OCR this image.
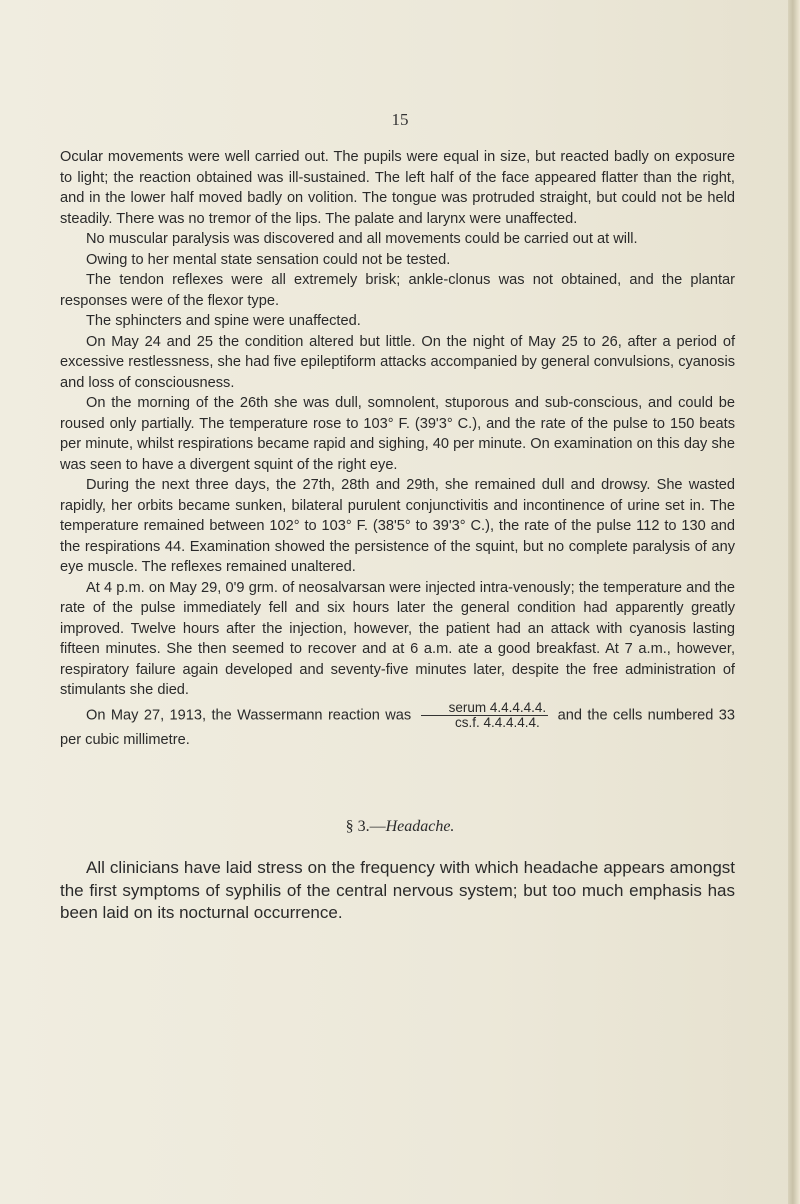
15

Ocular movements were well carried out. The pupils were equal in size, but reacted badly on exposure to light; the reaction obtained was ill-sustained. The left half of the face appeared flatter than the right, and in the lower half moved badly on volition. The tongue was protruded straight, but could not be held steadily. There was no tremor of the lips. The palate and larynx were unaffected.

No muscular paralysis was discovered and all movements could be carried out at will.

Owing to her mental state sensation could not be tested.

The tendon reflexes were all extremely brisk; ankle-clonus was not obtained, and the plantar responses were of the flexor type.

The sphincters and spine were unaffected.

On May 24 and 25 the condition altered but little. On the night of May 25 to 26, after a period of excessive restlessness, she had five epileptiform attacks accompanied by general convulsions, cyanosis and loss of consciousness.

On the morning of the 26th she was dull, somnolent, stuporous and sub-conscious, and could be roused only partially. The temperature rose to 103° F. (39'3° C.), and the rate of the pulse to 150 beats per minute, whilst respirations became rapid and sighing, 40 per minute. On examination on this day she was seen to have a divergent squint of the right eye.

During the next three days, the 27th, 28th and 29th, she remained dull and drowsy. She wasted rapidly, her orbits became sunken, bilateral purulent conjunctivitis and incontinence of urine set in. The temperature remained between 102° to 103° F. (38'5° to 39'3° C.), the rate of the pulse 112 to 130 and the respirations 44. Examination showed the persistence of the squint, but no complete paralysis of any eye muscle. The reflexes remained unaltered.

At 4 p.m. on May 29, 0'9 grm. of neosalvarsan were injected intra-venously; the temperature and the rate of the pulse immediately fell and six hours later the general condition had apparently greatly improved. Twelve hours after the injection, however, the patient had an attack with cyanosis lasting fifteen minutes. She then seemed to recover and at 6 a.m. ate a good breakfast. At 7 a.m., however, respiratory failure again developed and seventy-five minutes later, despite the free administration of stimulants she died.

On May 27, 1913, the Wassermann reaction was $\frac{\text{serum 4.4.4.4.4.}}{cs.f. 4.4.4.4.4.}$ and the cells numbered 33 per cubic millimetre.

§ 3.—Headache.

All clinicians have laid stress on the frequency with which headache appears amongst the first symptoms of syphilis of the central nervous system; but too much emphasis has been laid on its nocturnal occurrence.
